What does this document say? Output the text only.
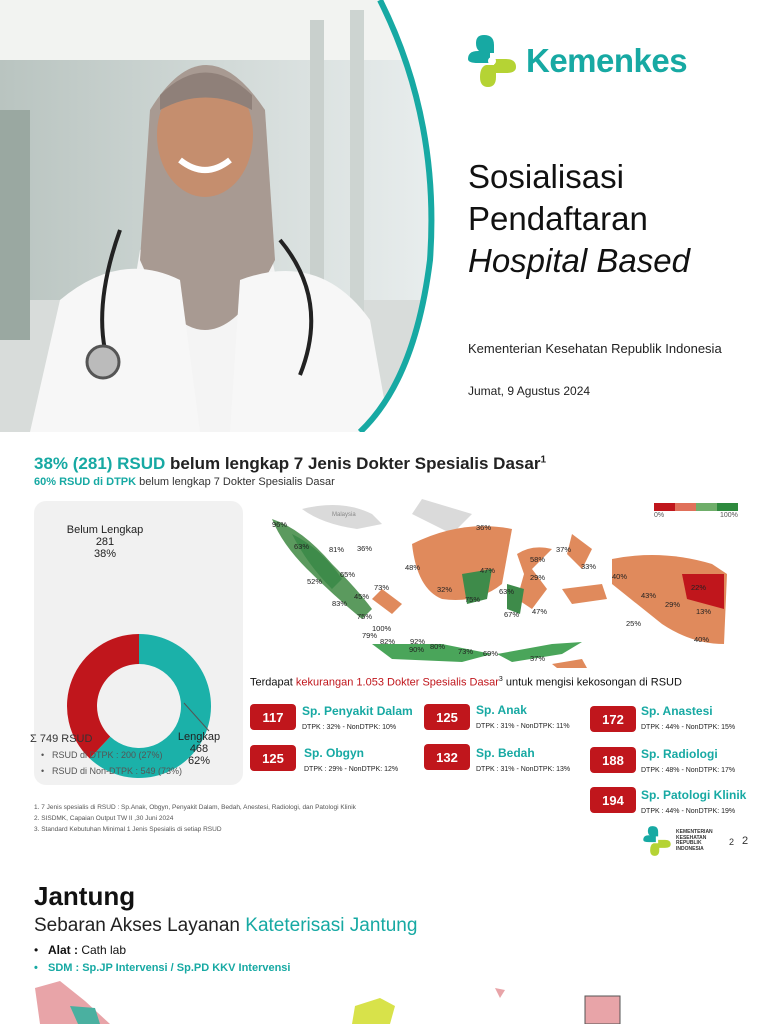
Kemenkes
Sosialisasi
Pendaftaran
Hospital Based
Kementerian Kesehatan Republik Indonesia
Jumat, 9 Agustus 2024
38% (281) RSUD belum lengkap 7 Jenis Dokter Spesialis Dasar$^1$
60% RSUD di DTPK belum lengkap 7 Dokter Spesialis Dasar
Belum Lengkap
281
38%
Lengkap
468
62%
Σ 749 RSUD
• RSUD di DTPK : 200 (27%)
• RSUD di Non-DTPK : 549 (73%)
Malaysia
96%
63%	81% 36%
52%
65%
73%
45%
83%
75%
100%
79%
82% 92%
90% 80%
73% 69%
48%
32%
75%
36%
47%
63%
67% 47%
58%
29%
37%
33%
40%
43%
29%
22%
13%
25%
40%
37%
0%	100%
Terdapat kekurangan 1.053 Dokter Spesialis Dasar$^3$ untuk mengisi kekosongan di RSUD
117	Sp. Penyakit Dalam
DTPK : 32% - NonDTPK: 10%
125	Sp. Anak
DTPK : 31% - NonDTPK: 11%	172
Sp. Anastesi
DTPK : 44% - NonDTPK: 15%
125	Sp. Obgyn
DTPK : 29% - NonDTPK: 12%
132	Sp. Bedah
DTPK : 31% - NonDTPK: 13%
188	Sp. Radiologi
DTPK : 48% - NonDTPK: 17%
194	Sp. Patologi Klinik
DTPK : 44% - NonDTPK: 19%
1. 7 Jenis spesialis di RSUD : Sp.Anak, Obgyn, Penyakit Dalam, Bedah, Anestesi, Radiologi, dan Patologi Klinik
2. SISDMK, Capaian Output TW II ,30 Juni 2024
3. Standard Kebutuhan Minimal 1 Jenis Spesialis di setiap RSUD	KEMENTERIAN
KESEHATAN
REPUBLIK
INDONESIA
2 2
Jantung
Sebaran Akses Layanan Kateterisasi Jantung
• Alat : Cath lab
• SDM : Sp.JP Intervensi / Sp.PD KKV Intervensi
